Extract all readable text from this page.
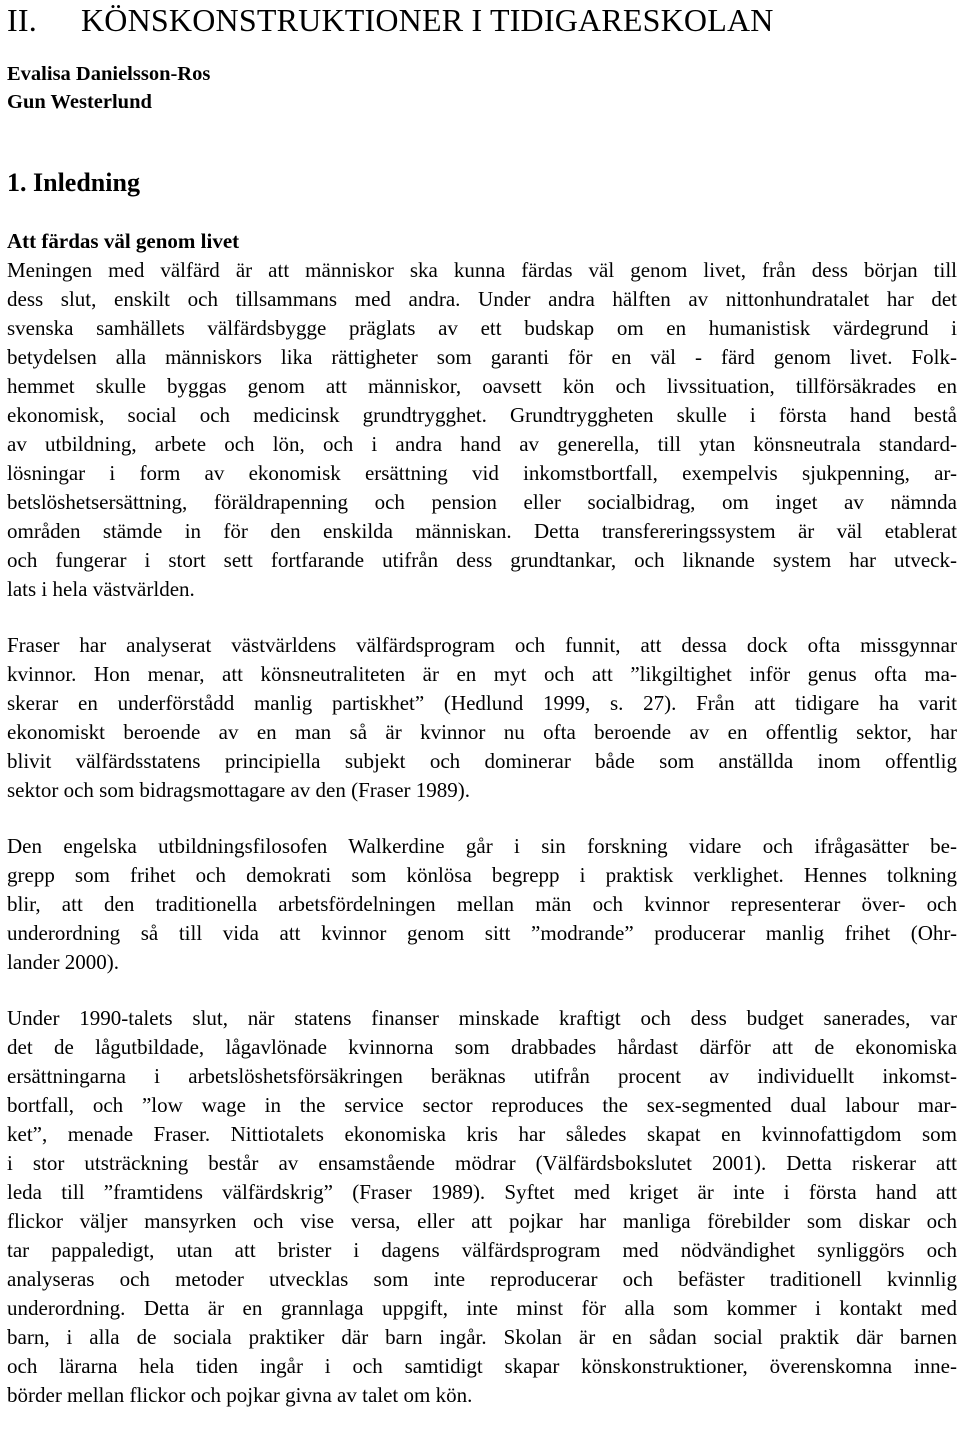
II. KÖNSKONSTRUKTIONER I TIDIGARESKOLAN
Evalisa Danielsson-Ros
Gun Westerlund
1. Inledning
Att färdas väl genom livet

Meningen med välfärd är att människor ska kunna färdas väl genom livet, från dess början till
dess slut, enskilt och tillsammans med andra. Under andra hälften av nittonhundratalet har det
svenska samhällets välfärdsbygge präglats av ett budskap om en humanistisk värdegrund i
betydelsen alla människors lika rättigheter som garanti för en väl - färd genom livet. Folk-
hemmet skulle byggas genom att människor, oavsett kön och livssituation, tillförsäkrades en
ekonomisk, social och medicinsk grundtrygghet. Grundtryggheten skulle i första hand bestå
av utbildning, arbete och lön, och i andra hand av generella, till ytan könsneutrala standard-
lösningar i form av ekonomisk ersättning vid inkomstbortfall, exempelvis sjukpenning, ar-
betslöshetsersättning, föräldrapenning och pension eller socialbidrag, om inget av nämnda
områden stämde in för den enskilda människan. Detta transfereringssystem är väl etablerat
och fungerar i stort sett fortfarande utifrån dess grundtankar, och liknande system har utveck-
lats i hela västvärlden.

Fraser har analyserat västvärldens välfärdsprogram och funnit, att dessa dock ofta missgynnar
kvinnor. Hon menar, att könsneutraliteten är en myt och att ”likgiltighet inför genus ofta ma-
skerar en underförstådd manlig partiskhet” (Hedlund 1999, s. 27). Från att tidigare ha varit
ekonomiskt beroende av en man så är kvinnor nu ofta beroende av en offentlig sektor, har
blivit välfärdsstatens principiella subjekt och dominerar både som anställda inom offentlig
sektor och som bidragsmottagare av den (Fraser 1989).

Den engelska utbildningsfilosofen Walkerdine går i sin forskning vidare och ifrågasätter be-
grepp som frihet och demokrati som könlösa begrepp i praktisk verklighet. Hennes tolkning
blir, att den traditionella arbetsfördelningen mellan män och kvinnor representerar över- och
underordning så till vida att kvinnor genom sitt ”modrande” producerar manlig frihet (Ohr-
lander 2000).

Under 1990-talets slut, när statens finanser minskade kraftigt och dess budget sanerades, var
det de lågutbildade, lågavlönade kvinnorna som drabbades hårdast därför att de ekonomiska
ersättningarna i arbetslöshetsförsäkringen beräknas utifrån procent av individuellt inkomst-
bortfall, och ”low wage in the service sector reproduces the sex-segmented dual labour mar-
ket”, menade Fraser. Nittiotalets ekonomiska kris har således skapat en kvinnofattigdom som
i stor utsträckning består av ensamstående mödrar (Välfärdsbokslutet 2001). Detta riskerar att
leda till ”framtidens välfärdskrig” (Fraser 1989). Syftet med kriget är inte i första hand att
flickor väljer mansyrken och vise versa, eller att pojkar har manliga förebilder som diskar och
tar pappaledigt, utan att brister i dagens välfärdsprogram med nödvändighet synliggörs och
analyseras och metoder utvecklas som inte reproducerar och befäster traditionell kvinnlig
underordning. Detta är en grannlaga uppgift, inte minst för alla som kommer i kontakt med
barn, i alla de sociala praktiker där barn ingår. Skolan är en sådan social praktik där barnen
och lärarna hela tiden ingår i och samtidigt skapar könskonstruktioner, överenskomna inne-
börder mellan flickor och pojkar givna av talet om kön.
